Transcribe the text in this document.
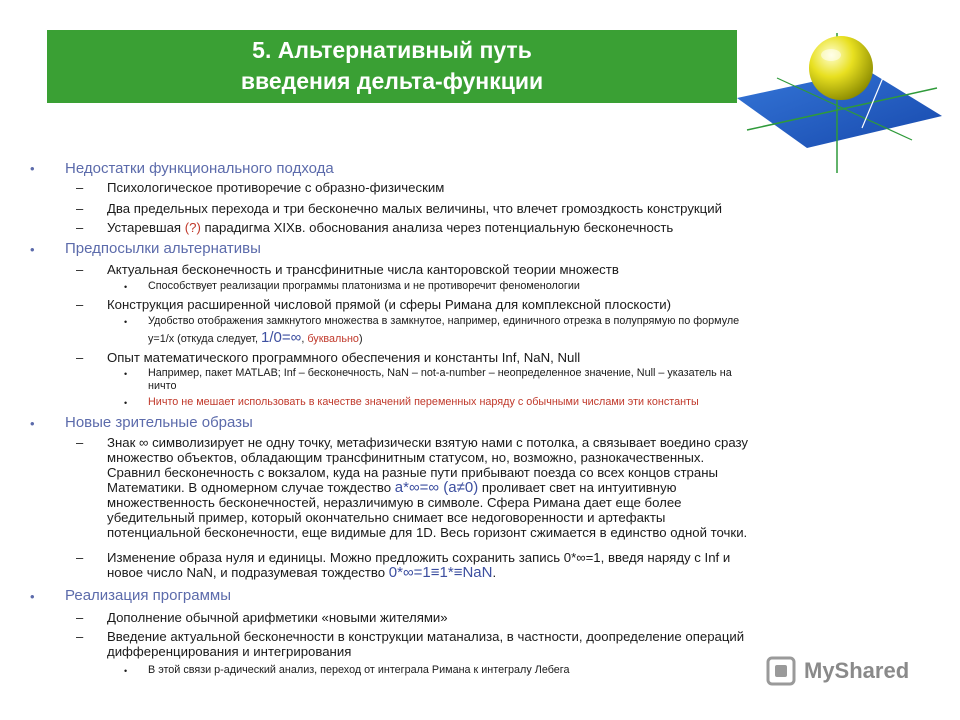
5. Альтернативный путь
введения дельта-функции
• Недостатки функционального подхода
– Психологическое противоречие с образно-физическим
– Два предельных перехода и три бесконечно малых величины, что влечет громоздкость конструкций
– Устаревшая (?) парадигма XIXв. обоснования анализа через потенциальную бесконечность
• Предпосылки альтернативы
– Актуальная бесконечность и трансфинитные числа канторовской теории множеств
• Способствует реализации программы платонизма и не противоречит феноменологии
– Конструкция расширенной числовой прямой (и сферы Римана для комплексной плоскости)
• Удобство отображения замкнутого множества в замкнутое, например, единичного отрезка в полупрямую по формуле
y=1/x (откуда следует, 1/0=∞, буквально)
– Опыт математического программного обеспечения и константы Inf, NaN, Null
• Например, пакет MATLAB; Inf – бесконечность, NaN – not-a-number – неопределенное значение, Null – указатель на
ничто
• Ничто не мешает использовать в качестве значений переменных наряду с обычными числами эти константы
• Новые зрительные образы
– Знак ∞ символизирует не одну точку, метафизически взятую нами с потолка, а связывает воедино сразу
множество объектов, обладающим трансфинитным статусом, но, возможно, разнокачественных.
Сравнил бесконечность с вокзалом, куда на разные пути прибывают поезда со всех концов страны
Математики. В одномерном случае тождество a*∞=∞ (a≠0) проливает свет на интуитивную
множественность бесконечностей, неразличимую в символе. Сфера Римана дает еще более
убедительный пример, который окончательно снимает все недоговоренности и артефакты
потенциальной бесконечности, еще видимые для 1D. Весь горизонт сжимается в единство одной точки.
– Изменение образа нуля и единицы. Можно предложить сохранить запись 0*∞=1, введя наряду с Inf и
новое число NaN, и подразумевая тождество 0*∞=1≡1*≡NaN.
• Реализация программы
– Дополнение обычной арифметики «новыми жителями»
– Введение актуальной бесконечности в конструкции матанализа, в частности, доопределение операций
дифференцирования и интегрирования
• В этой связи p-адический анализ, переход от интеграла Римана к интегралу Лебега	MyShared
